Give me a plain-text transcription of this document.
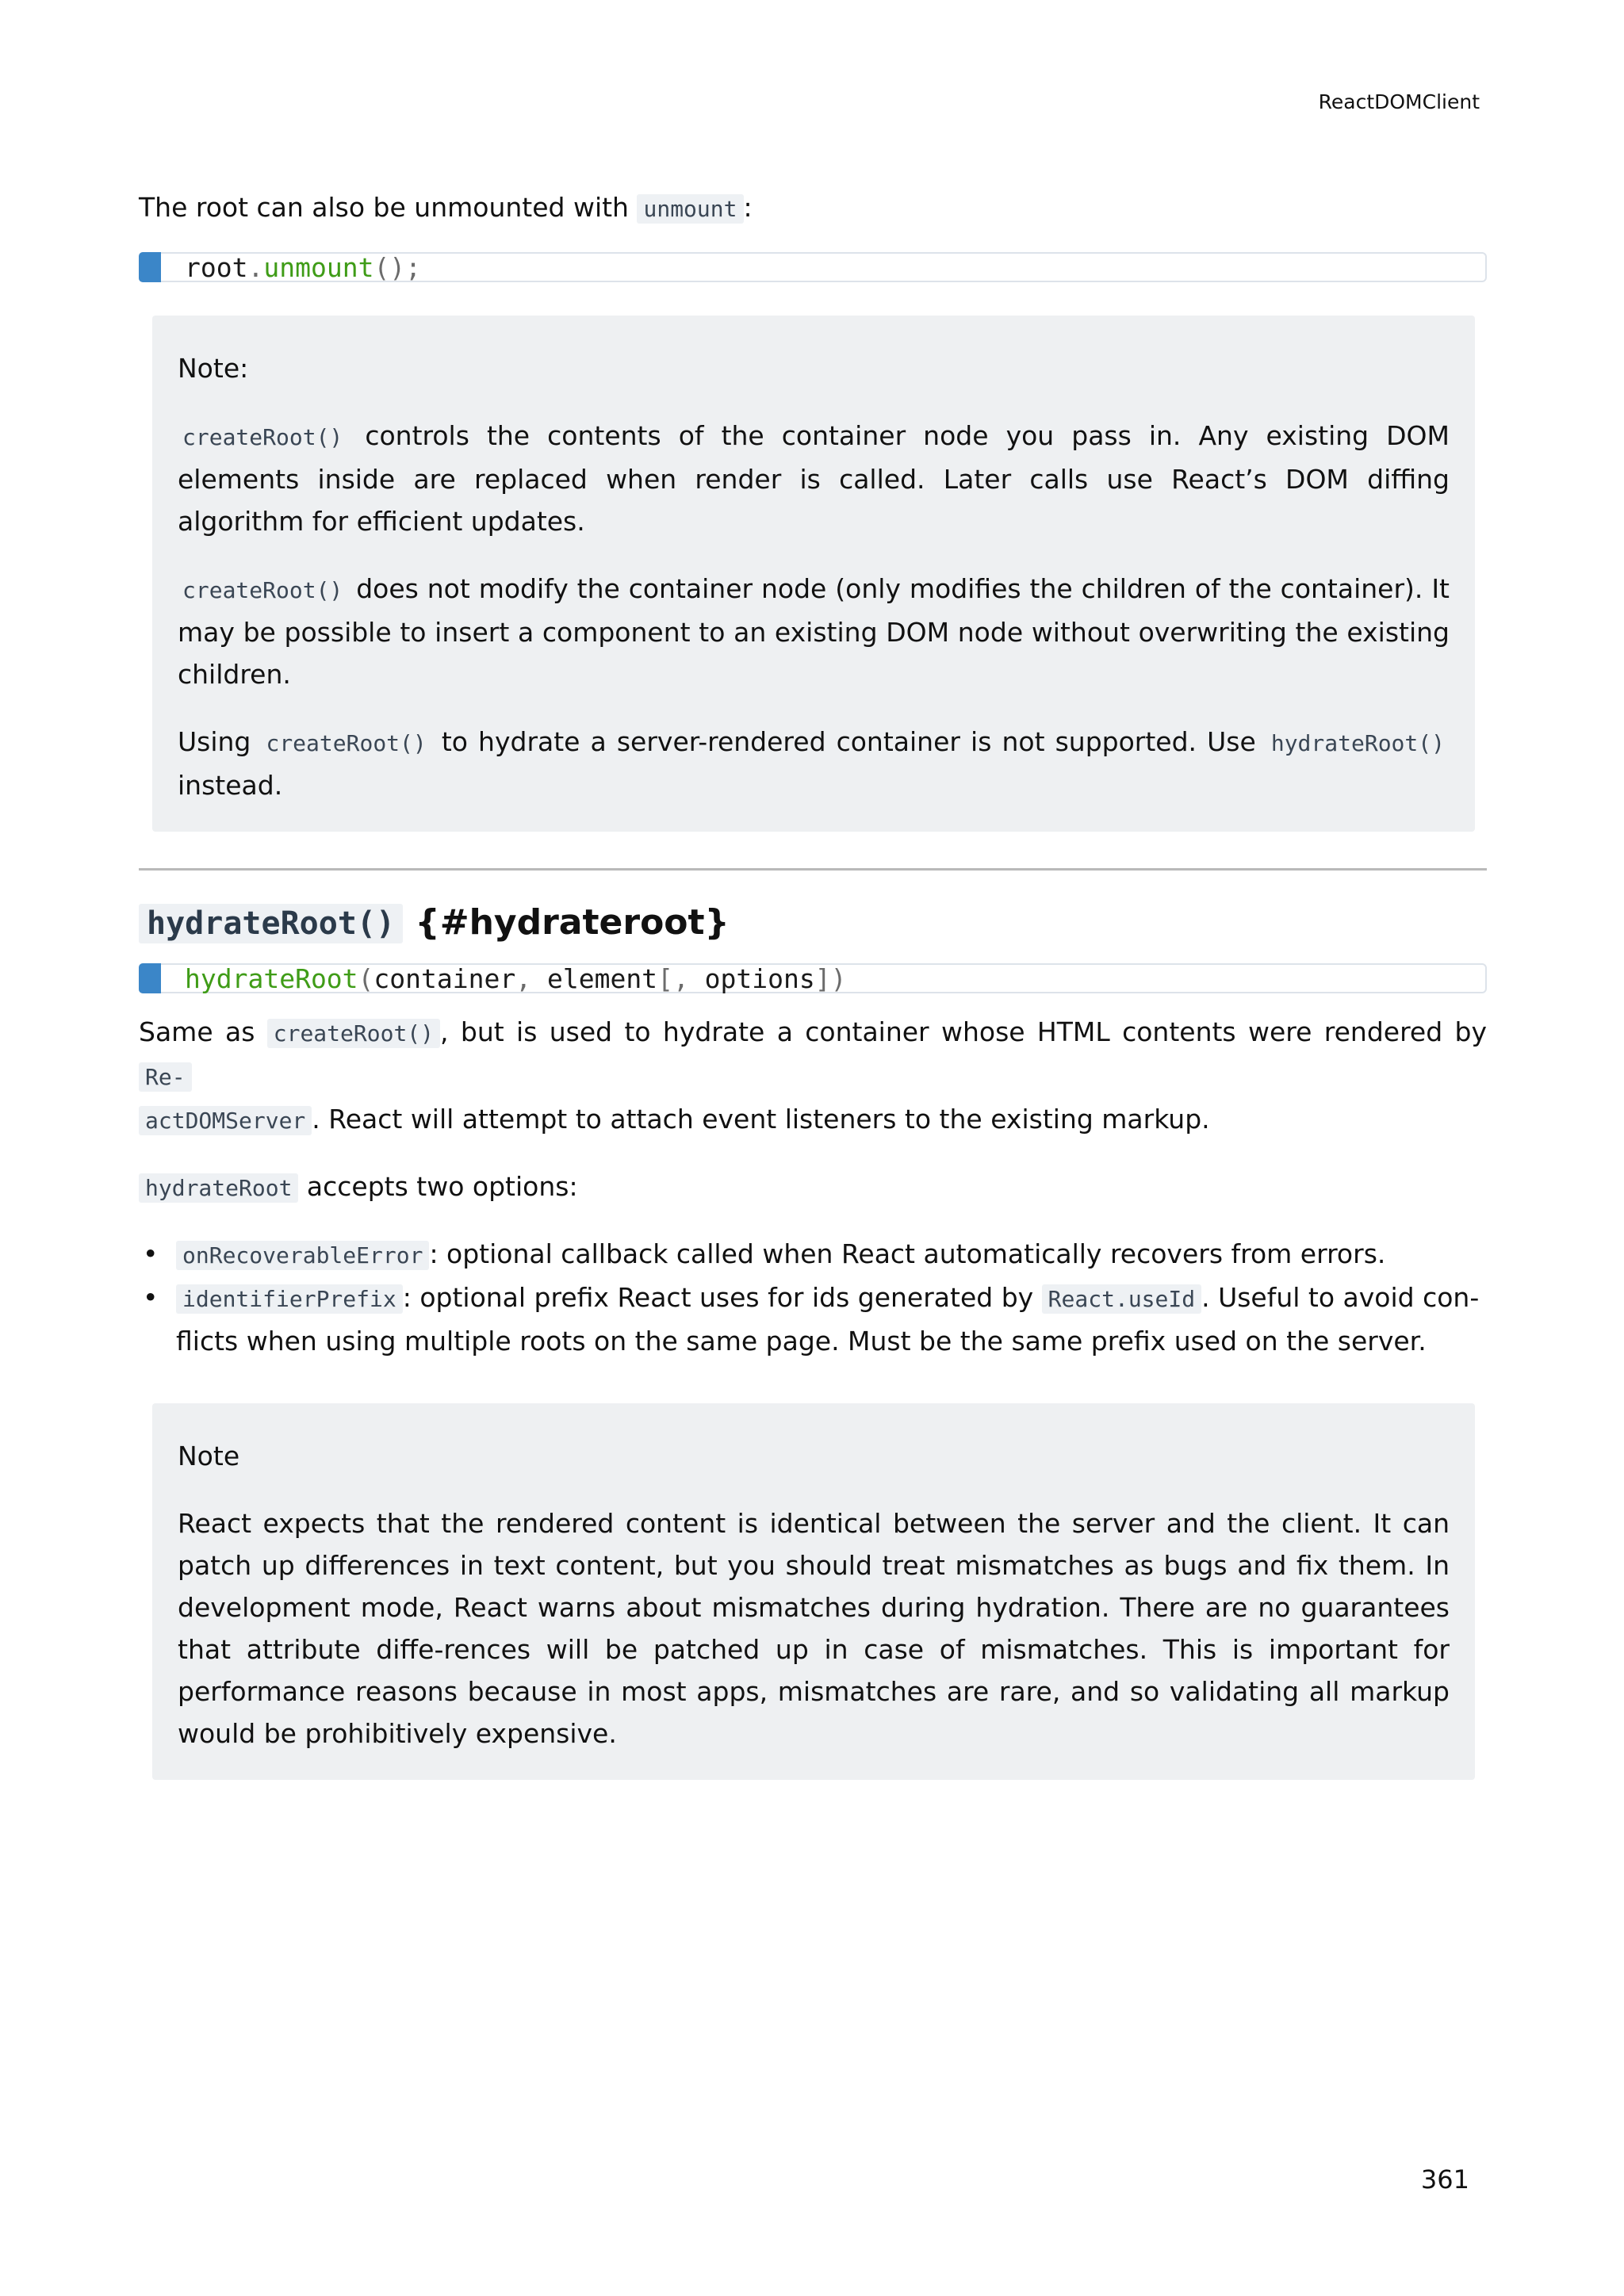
ReactDOMClient

The root can also be unmounted with unmount :

root.unmount();

Note:

createRoot() controls the contents of the container node you pass in. Any existing DOM elements inside are replaced when render is called. Later calls use React’s DOM diffing algorithm for efficient updates.

createRoot() does not modify the container node (only modifies the children of the container). It may be possible to insert a component to an existing DOM node without overwriting the existing children.

Using createRoot() to hydrate a server-rendered container is not supported. Use hydrateRoot() instead.

hydrateRoot() {#hydrateroot}
hydrateRoot(container, element[, options])

Same as createRoot() , but is used to hydrate a container whose HTML contents were rendered by Re-
actDOMServer . React will attempt to attach event listeners to the existing markup.

hydrateRoot accepts two options:

• onRecoverableError : optional callback called when React automatically recovers from errors.
• identifierPrefix : optional prefix React uses for ids generated by React.useId . Useful to avoid con-flicts when using multiple roots on the same page. Must be the same prefix used on the server.

Note

React expects that the rendered content is identical between the server and the client. It can patch up differences in text content, but you should treat mismatches as bugs and fix them. In development mode, React warns about mismatches during hydration. There are no guarantees that attribute diffe-rences will be patched up in case of mismatches. This is important for performance reasons because in most apps, mismatches are rare, and so validating all markup would be prohibitively expensive.

361
